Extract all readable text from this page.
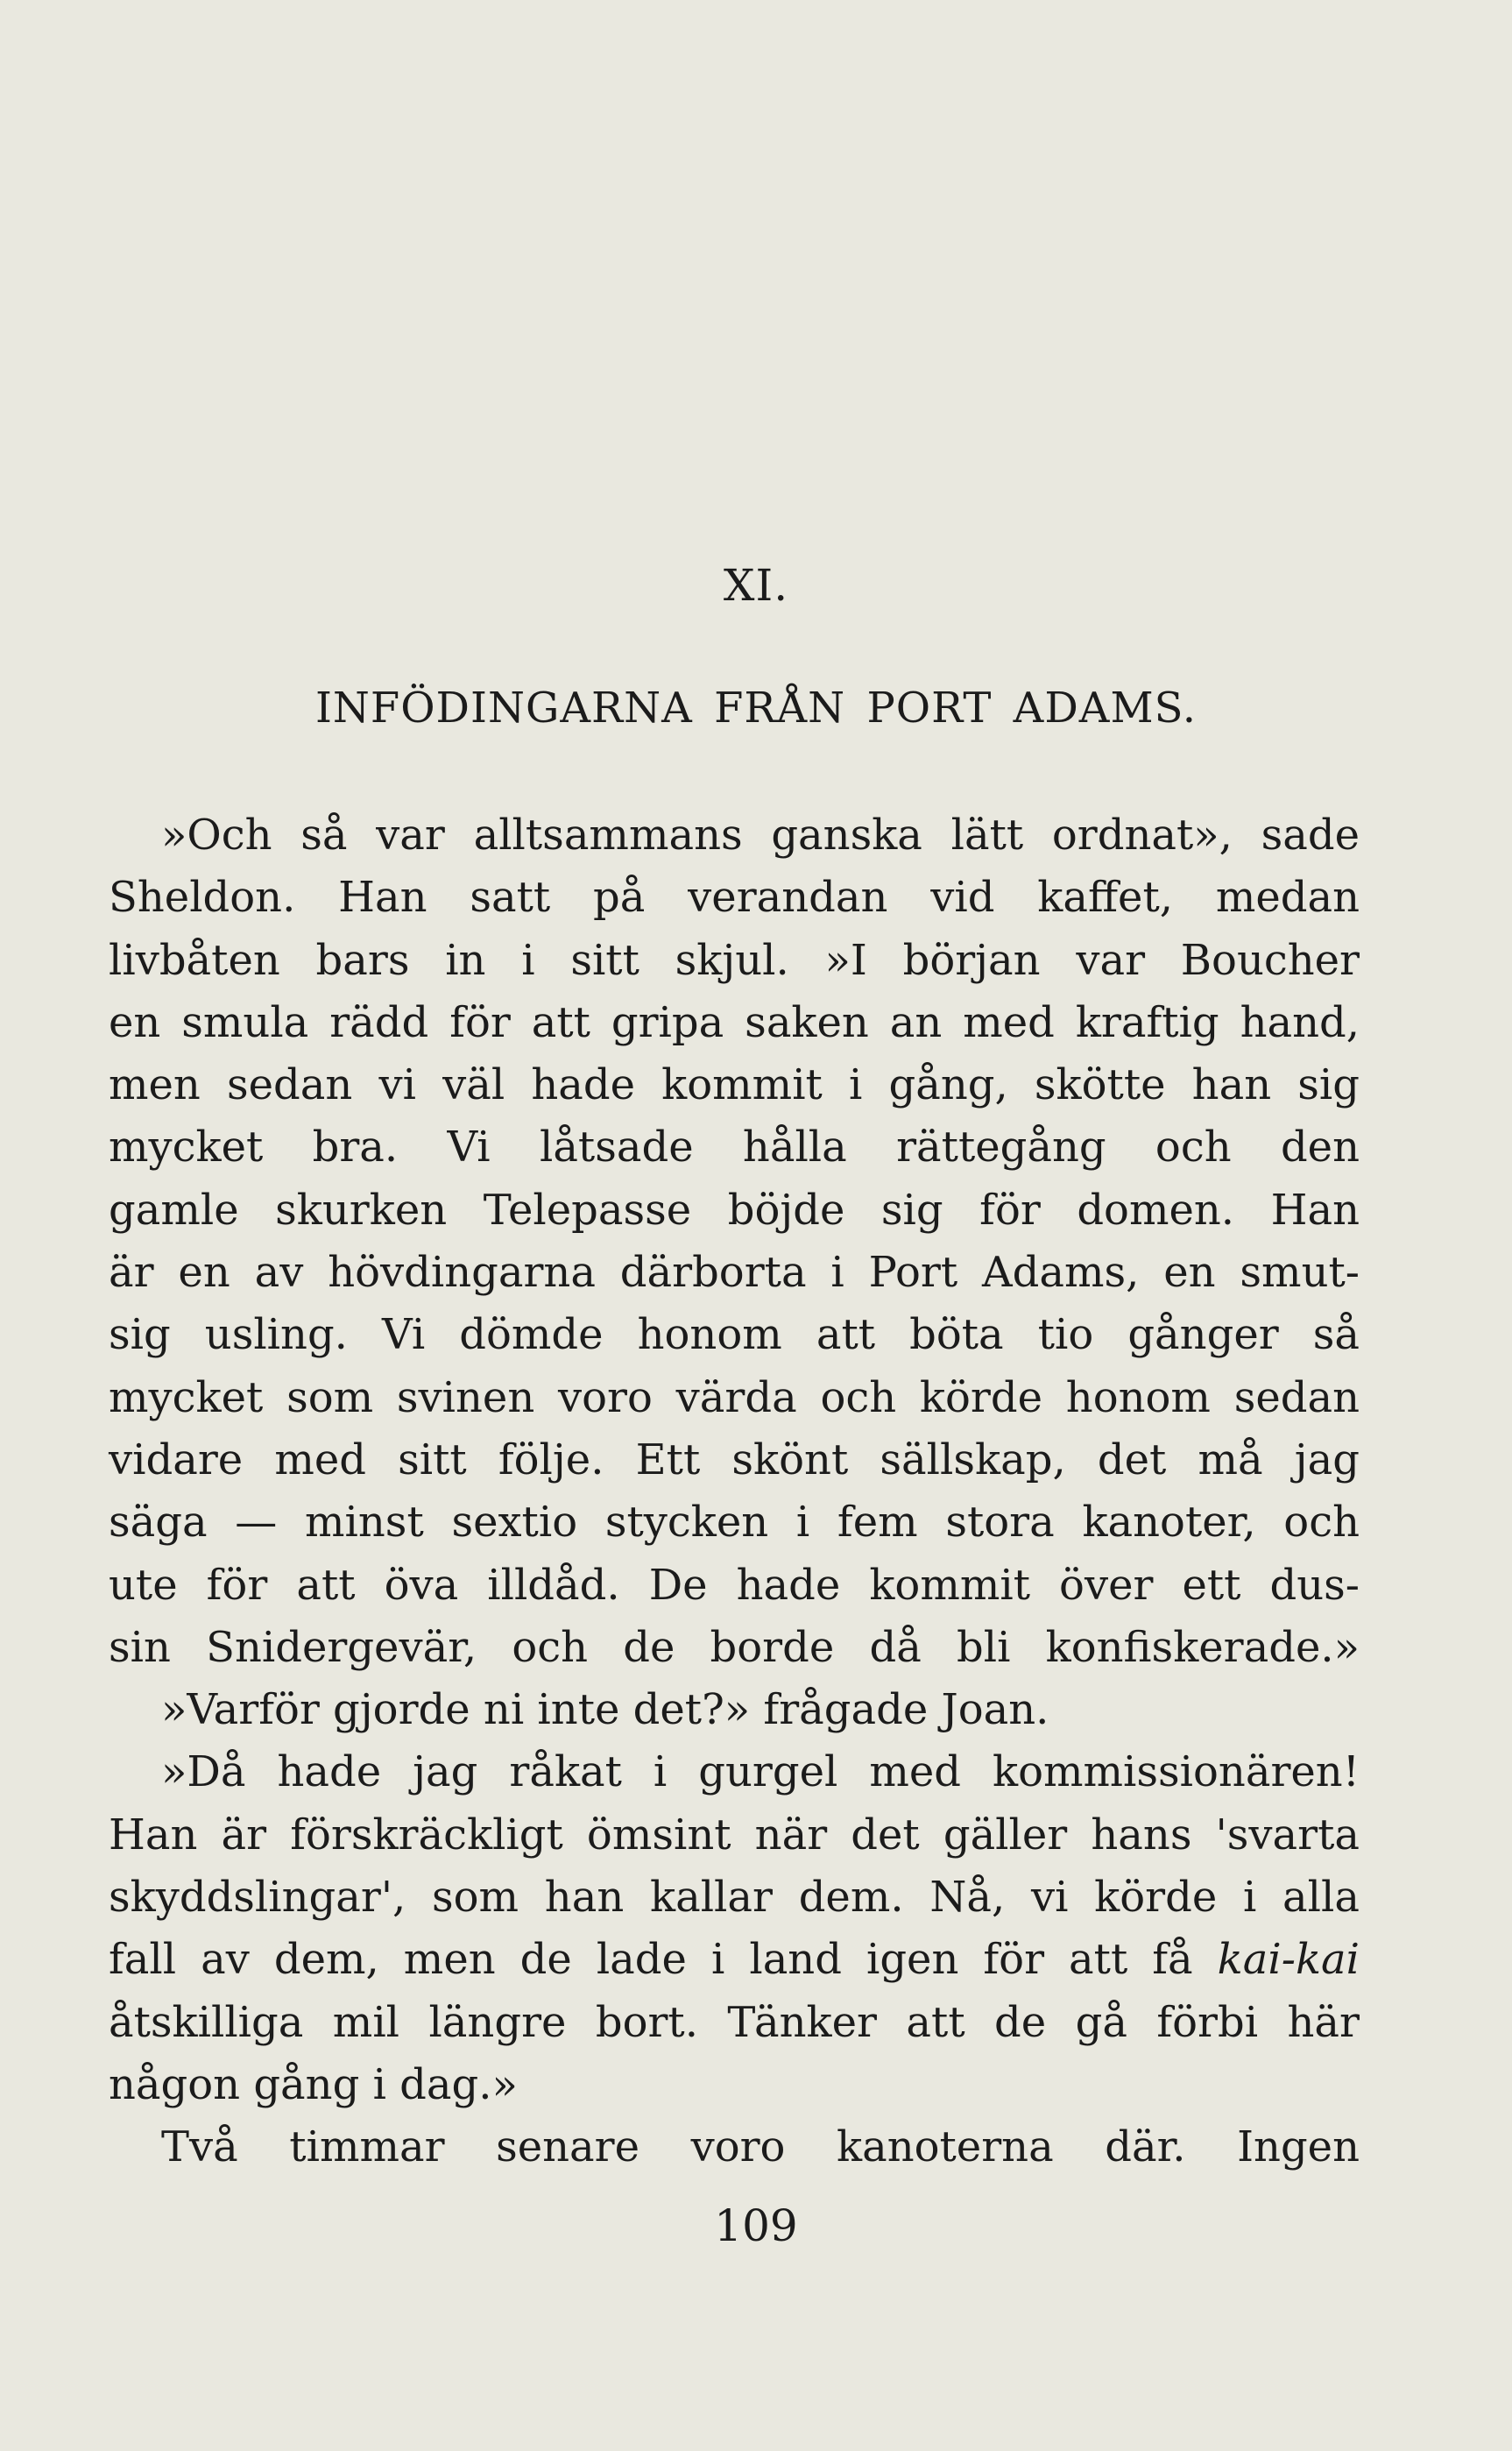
XI.
INFÖDINGARNA FRÅN PORT ADAMS.
»Och så var alltsammans ganska lätt ordnat», sade
Sheldon. Han satt på verandan vid kaffet, medan
livbåten bars in i sitt skjul. »I början var Boucher
en smula rädd för att gripa saken an med kraftig hand,
men sedan vi väl hade kommit i gång, skötte han sig
mycket bra. Vi låtsade hålla rättegång och den
gamle skurken Telepasse böjde sig för domen. Han
är en av hövdingarna därborta i Port Adams, en smut-
sig usling. Vi dömde honom att böta tio gånger så
mycket som svinen voro värda och körde honom sedan
vidare med sitt följe. Ett skönt sällskap, det må jag
säga — minst sextio stycken i fem stora kanoter, och
ute för att öva illdåd. De hade kommit över ett dus-
sin Snidergevär, och de borde då bli konfiskerade.»
»Varför gjorde ni inte det?» frågade Joan.
»Då hade jag råkat i gurgel med kommissionären!
Han är förskräckligt ömsint när det gäller hans 'svarta
skyddslingar', som han kallar dem. Nå, vi körde i alla
fall av dem, men de lade i land igen för att få kai-kai
åtskilliga mil längre bort. Tänker att de gå förbi här
någon gång i dag.»
Två timmar senare voro kanoterna där. Ingen
109
